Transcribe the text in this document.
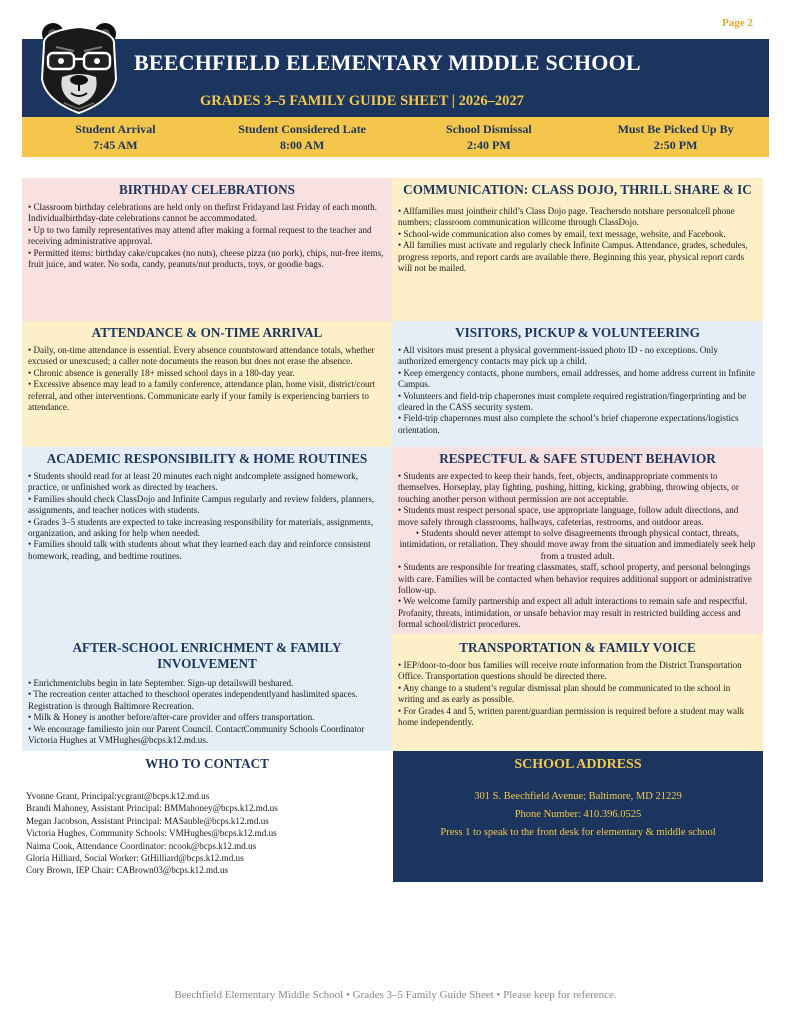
Page 2
BEECHFIELD ELEMENTARY MIDDLE SCHOOL
GRADES 3–5 FAMILY GUIDE SHEET | 2026–2027
Student Arrival
7:45 AM
Student Considered Late
8:00 AM
School Dismissal
2:40 PM
Must Be Picked Up By
2:50 PM
BIRTHDAY CELEBRATIONS

• Classroom birthday celebrations are held only on thefirst Fridayand last Friday of each month. Individualbirthday-date celebrations cannot be accommodated.

• Up to two family representatives may attend after making a formal request to the teacher and receiving administrative approval.

• Permitted items: birthday cake/cupcakes (no nuts), cheese pizza (no pork), chips, nut-free items, fruit juice, and water. No soda, candy, peanuts/nut products, toys, or goodie bags.

COMMUNICATION: CLASS DOJO, THRILL SHARE & IC

• Allfamilies must jointheir child’s Class Dojo page. Teachersdo notshare personalcell phone numbers; classroom communication willcome through ClassDojo.

• School-wide communication also comes by email, text message, website, and Facebook.

• All families must activate and regularly check Infinite Campus. Attendance, grades, schedules, progress reports, and report cards are available there. Beginning this year, physical report cards will not be mailed.

ATTENDANCE & ON-TIME ARRIVAL

• Daily, on-time attendance is essential. Every absence countstoward attendance totals, whether excused or unexcused; a caller note documents the reason but does not erase the absence.

• Chronic absence is generally 18+ missed school days in a 180-day year.

• Excessive absence may lead to a family conference, attendance plan, home visit, district/court referral, and other interventions. Communicate early if your family is experiencing barriers to attendance.

VISITORS, PICKUP & VOLUNTEERING

• All visitors must present a physical government-issued photo ID - no exceptions. Only authorized emergency contacts may pick up a child.

• Keep emergency contacts, phone numbers, email addresses, and home address current in Infinite Campus.

• Volunteers and field-trip chaperones must complete required registration/fingerprinting and be cleared in the CASS security system.

• Field-trip chaperones must also complete the school’s brief chaperone expectations/logistics orientation.

ACADEMIC RESPONSIBILITY & HOME ROUTINES

• Students should read for at least 20 minutes each night andcomplete assigned homework, practice, or unfinished work as directed by teachers.

• Families should check ClassDojo and Infinite Campus regularly and review folders, planners, assignments, and teacher notices with students.

• Grades 3–5 students are expected to take increasing responsibility for materials, assignments, organization, and asking for help when needed.

• Families should talk with students about what they learned each day and reinforce consistent homework, reading, and bedtime routines.

RESPECTFUL & SAFE STUDENT BEHAVIOR

• Students are expected to keep their hands, feet, objects, andinappropriate comments to themselves. Horseplay, play fighting, pushing, hitting, kicking, grabbing, throwing objects, or touching another person without permission are not acceptable.

• Students must respect personal space, use appropriate language, follow adult directions, and move safely through classrooms, hallways, cafeterias, restrooms, and outdoor areas.

• Students should never attempt to solve disagreements through physical contact, threats, intimidation, or retaliation. They should move away from the situation and immediately seek help from a trusted adult.

• Students are responsible for treating classmates, staff, school property, and personal belongings with care. Families will be contacted when behavior requires additional support or administrative follow-up.

• We welcome family partnership and expect all adult interactions to remain safe and respectful. Profanity, threats, intimidation, or unsafe behavior may result in restricted building access and formal school/district procedures.

AFTER-SCHOOL ENRICHMENT & FAMILY INVOLVEMENT

• Enrichmentclubs begin in late September. Sign-up detailswill beshared.

• The recreation center attached to theschool operates independentlyand haslimited spaces. Registration is through Baltimore Recreation.

• Milk & Honey is another before/after-care provider and offers transportation.

• We encourage familiesto join our Parent Council. ContactCommunity Schools Coordinator Victoria Hughes at VMHughes@bcps.k12.md.us.

TRANSPORTATION & FAMILY VOICE

• IEP/door-to-door bus families will receive route information from the District Transportation Office. Transportation questions should be directed there.

• Any change to a student’s regular dismissal plan should be communicated to the school in writing and as early as possible.

• For Grades 4 and 5, written parent/guardian permission is required before a student may walk home independently.

WHO TO CONTACT

Yvonne Grant, Principal:ycgrant@bcps.k12.md.us

Brandi Mahoney, Assistant Principal: BMMahoney@bcps.k12.md.us

Megan Jacobson, Assistant Principal: MASauble@bcps.k12.md.us

Victoria Hughes, Community Schools: VMHughes@bcps.k12.md.us

Naima Cook, Attendance Coordinator: ncook@bcps.k12.md.us

Gloria Hilliard, Social Worker: GtHilliard@bcps.k12.md.us

Cory Brown, IEP Chair: CABrown03@bcps.k12.md.us

SCHOOL ADDRESS

301 S. Beechfield Avenue; Baltimore, MD 21229

Phone Number: 410.396.0525

Press 1 to speak to the front desk for elementary & middle school

Beechfield Elementary Middle School • Grades 3–5 Family Guide Sheet • Please keep for reference.
